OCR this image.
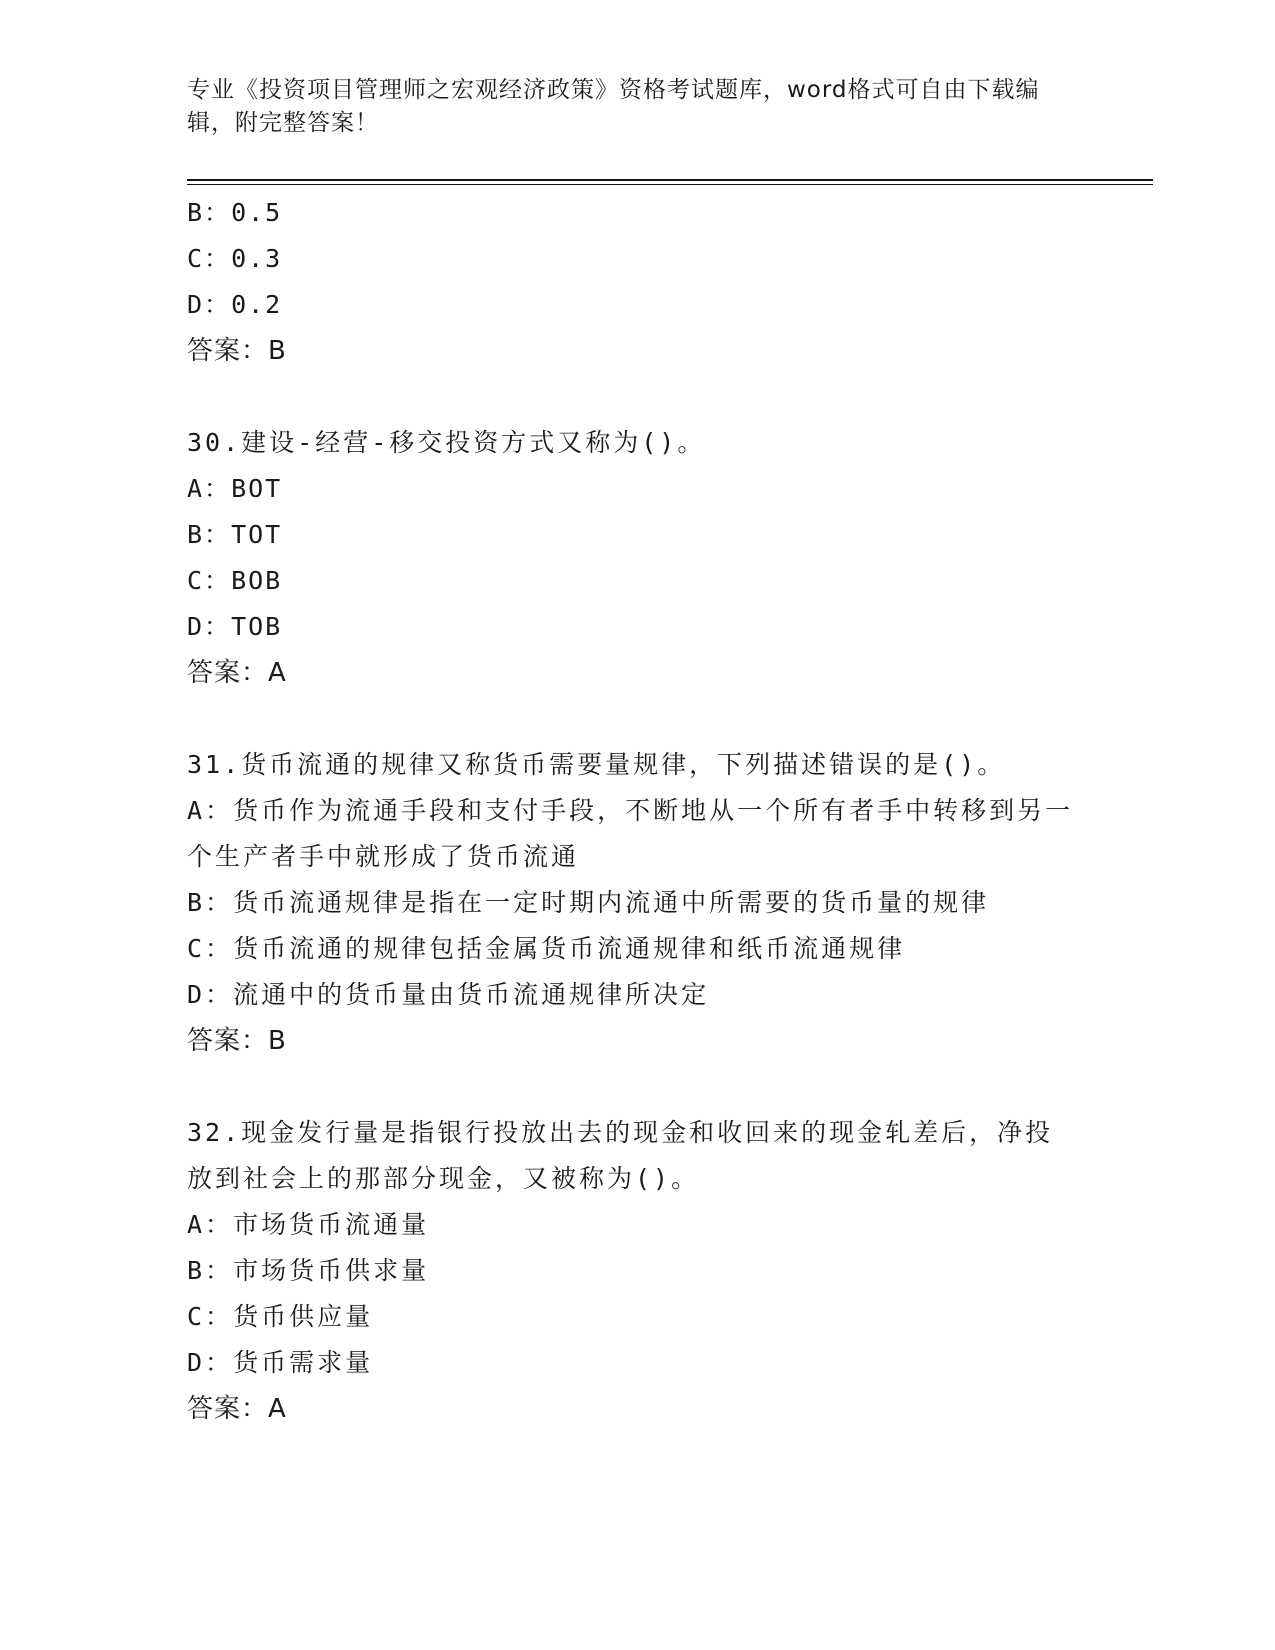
专业《投资项目管理师之宏观经济政策》资格考试题库，word格式可自由下载编辑，附完整答案！
B：0.5
C：0.3
D：0.2
答案：B
30.建设-经营-移交投资方式又称为()。
A：BOT
B：TOT
C：BOB
D：TOB
答案：A
31.货币流通的规律又称货币需要量规律，下列描述错误的是()。
A：货币作为流通手段和支付手段，不断地从一个所有者手中转移到另一个生产者手中就形成了货币流通
B：货币流通规律是指在一定时期内流通中所需要的货币量的规律
C：货币流通的规律包括金属货币流通规律和纸币流通规律
D：流通中的货币量由货币流通规律所决定
答案：B
32.现金发行量是指银行投放出去的现金和收回来的现金轧差后，净投放到社会上的那部分现金，又被称为()。
A：市场货币流通量
B：市场货币供求量
C：货币供应量
D：货币需求量
答案：A
